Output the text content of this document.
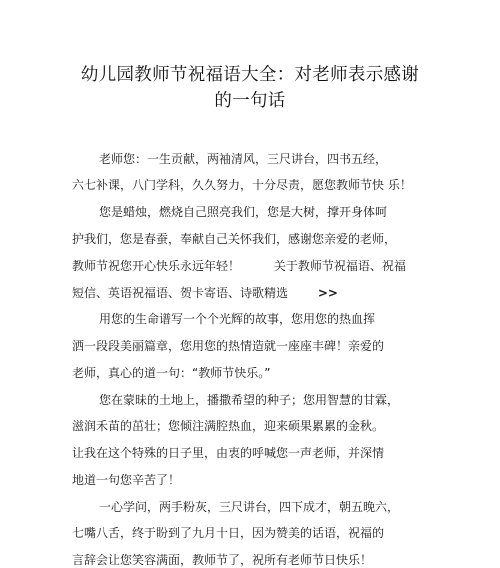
幼儿园教师节祝福语大全：对老师表示感谢
的一句话
老师您：一生贡献，两袖清风，三尺讲台，四书五经，
六七补课，八门学科，久久努力，十分尽责，愿您教师节快 乐！
您是蜡烛，燃烧自己照亮我们，您是大树，撑开身体呵
护我们，您是春蚕，奉献自己关怀我们，感谢您亲爱的老师，
教师节祝您开心快乐永远年轻！	关于教师节祝福语、祝福
短信、英语祝福语、贺卡寄语、诗歌精选 >>
用您的生命谱写一个个光辉的故事，您用您的热血挥
洒一段段美丽篇章，您用您的热情造就一座座丰碑！亲爱的
老师，真心的道一句：“教师节快乐。”
您在蒙昧的土地上，播撒希望的种子；您用智慧的甘霖，
滋润禾苗的茁壮；您倾注满腔热血，迎来硕果累累的金秋。
让我在这个特殊的日子里，由衷的呼喊您一声老师，并深情
地道一句您辛苦了！
一心学问，两手粉灰，三尺讲台，四下成才，朝五晚六，
七嘴八舌，终于盼到了九月十日，因为赞美的话语，祝福的
言辞会让您笑容满面，教师节了，祝所有老师节日快乐！
